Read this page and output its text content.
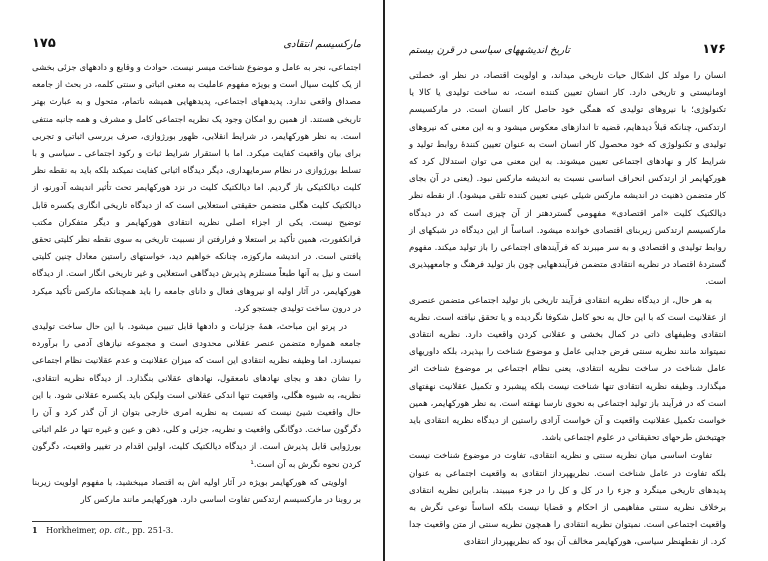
۱۷۵	مارکسیسم انتقادی

اجتماعی، نجر به عامل و موضوع شناخت میسر نیست. حوادث و وقایع و دادههای جزئی بخشی از یک کلیت سیال است و بویژه مفهوم عاملیت به معنی اثباتی و سنتی کلمه، در بحث از جامعه مصداق واقعی ندارد. پدیدههای اجتماعی، پدیدههایی همیشه ناتمام، متحول و به عبارت بهتر تاریخی هستند. از همین رو امکان وجود یک نظریه اجتماعی کامل و مشرف و همه جانبه منتفی است. به نظر هورکهایمر، در شرایط انقلابی، ظهور بورژوازی، صرف بررسی اثباتی و تجربی برای بیان واقعیت کفایت میکرد. اما با استقرار شرایط ثبات و رکود اجتماعی ـ سیاسی و با تسلط بورژوازی در نظام سرمایهداری، دیگر دیدگاه اثباتی کفایت نمیکند بلکه باید به نقطه نظر کلیت دیالکتیکی باز گردیم. اما دیالکتیک کلیت در نزد هورکهایمر تحت تأثیر اندیشه آدورنو، از دیالکتیک کلیت هگلی متضمن حقیقتی استعلایی است که از دیدگاه تاریخی انگاری یکسره قابل توضیح نیست. یکی از اجزاء اصلی نظریه انتقادی هورکهایمر و دیگر متفکران مکتب فرانکفورت، همین تأکید بر استعلا و فرارفتن از نسبیت تاریخی به سوی نقطه نظر کلیتی تحقق یافتنی است. در اندیشه مارکوزه، چنانکه خواهیم دید، خواستهای راستین معادل چنین کلیتی است و نیل به آنها طبعاً مستلزم پذیرش دیدگاهی استعلایی و غیر تاریخی انگار است. از دیدگاه هورکهایمر، در آثار اولیه او نیروهای فعال و دانای جامعه را باید همچنانکه مارکس تأکید میکرد در درون ساخت تولیدی جستجو کرد.

در پرتو این مباحث، همهٔ جزئیات و دادهها قابل تبیین میشود. با این حال ساخت تولیدی جامعه همواره متضمن عنصر عقلانی محدودی است و مجموعه نیازهای آدمی را برآورده نمیسازد. اما وظیفه نظریه انتقادی این است که میزان عقلانیت و عدم عقلانیت نظام اجتماعی را نشان دهد و بجای نهادهای نامعقول، نهادهای عقلانی بنگذارد. از دیدگاه نظریه انتقادی، نظریه، به شیوه هگلی، واقعیت تنها اندکی عقلانی است ولیکن باید یکسره عقلانی شود. با این حال واقعیت شیئ نیست که نسبت به نظریه امری خارجی بتوان از آن گذر کرد و آن را دگرگون ساخت. دوگانگی واقعیت و نظریه، جزئی و کلی، ذهن و عین و غیره تنها در علم اثباتی بورژوایی قابل پذیرش است. از دیدگاه دیالکتیک کلیت، اولین اقدام در تغییر واقعیت، دگرگون کردن نحوه نگرش به آن است.¹

اولویتی که هورکهایمر بویژه در آثار اولیه اش به اقتصاد میبخشید، با مفهوم اولویت زیربنا بر روبنا در مارکسیسم ارتدکس تفاوت اساسی دارد. هورکهایمر مانند مارکس کار

1 Horkheimer, op. cit., pp. 251-3.
تاریخ اندیشههای سیاسی در قرن بیستم	۱۷۶

انسان را مولد کل اشکال حیات تاریخی میداند، و اولویت اقتصاد، در نظر او، خصلتی اومانیستی و تاریخی دارد. کار انسان تعیین کننده است، نه ساخت تولیدی یا کالا یا تکنولوژی؛ با نیروهای تولیدی که همگی خود حاصل کار انسان است. در مارکسیسم ارتدکس، چنانکه قبلاً دیدهایم، قضیه تا اندازهای معکوس میشود و به این معنی که نیروهای تولیدی و تکنولوژی که خود محصول کار انسان است به عنوان تعیین کنندهٔ روابط تولید و شرایط کار و نهادهای اجتماعی تعیین میشوند. به این معنی می توان استدلال کرد که هورکهایمر از ارتدکس انحراف اساسی نسبت به اندیشه مارکس نبود. (یعنی در آن بجای کار متضمن ذهنیت در اندیشه مارکس شیئی عینی تعیین کننده تلقی میشود). از نقطه نظر دیالکتیک کلیت «امر اقتصادی» مفهومی گستردهتر از آن چیزی است که در دیدگاه مارکسیسم ارتدکس زیربنای اقتصادی خوانده میشود. اساساً از این دیدگاه در شبکهای از روابط تولیدی و اقتصادی و به سر میبرند که فرآیندهای اجتماعی را باز تولید میکند. مفهوم گستردهٔ اقتصاد در نظریه انتقادی متضمن فرآیندههایی چون باز تولید فرهنگ و جامعهپذیری است.

به هر حال، از دیدگاه نظریه انتقادی فرآیند تاریخی باز تولید اجتماعی متضمن عنصری از عقلانیت است که با این حال به نحو کامل شکوفا نگردیده و یا تحقق نیافته است. نظریه انتقادی وظیفهای ذاتی در کمال بخشی و عقلانی کردن واقعیت دارد. نظریه انتقادی نمیتواند مانند نظریه سنتی فرض جدایی عامل و موضوع شناخت را بپذیرد، بلکه داوریهای عامل شناخت در ساخت نظریه انتقادی، یعنی نظام اجتماعی بر موضوع شناخت اثر میگذارد. وظیفه نظریه انتقادی تنها شناخت نیست بلکه پیشبرد و تکمیل عقلانیت نهفتهای است که در فرآیند باز تولید اجتماعی به نحوی نارسا نهفته است. به نظر هورکهایمر، همین خواست تکمیل عقلانیت واقعیت و آن خواست آزادی راستین از دیدگاه نظریه انتقادی باید جهتبخش طرحهای تحقیقاتی در علوم اجتماعی باشد.

تفاوت اساسی میان نظریه سنتی و نظریه انتقادی، تفاوت در موضوع شناخت نیست بلکه تفاوت در عامل شناخت است. نظریهپرداز انتقادی به واقعیت اجتماعی به عنوان پدیدهای تاریخی مینگرد و جزء را در کل و کل را در جزء میبیند. بنابراین نظریه انتقادی برخلاف نظریه سنتی مفاهیمی از احکام و قضایا نیست بلکه اساساً نوعی نگرش به واقعیت اجتماعی است. نمیتوان نظریه انتقادی را همچون نظریه سنتی از متن واقعیت جدا کرد. از نقطهنظر سیاسی، هورکهایمر مخالف آن بود که نظریهپرداز انتقادی
